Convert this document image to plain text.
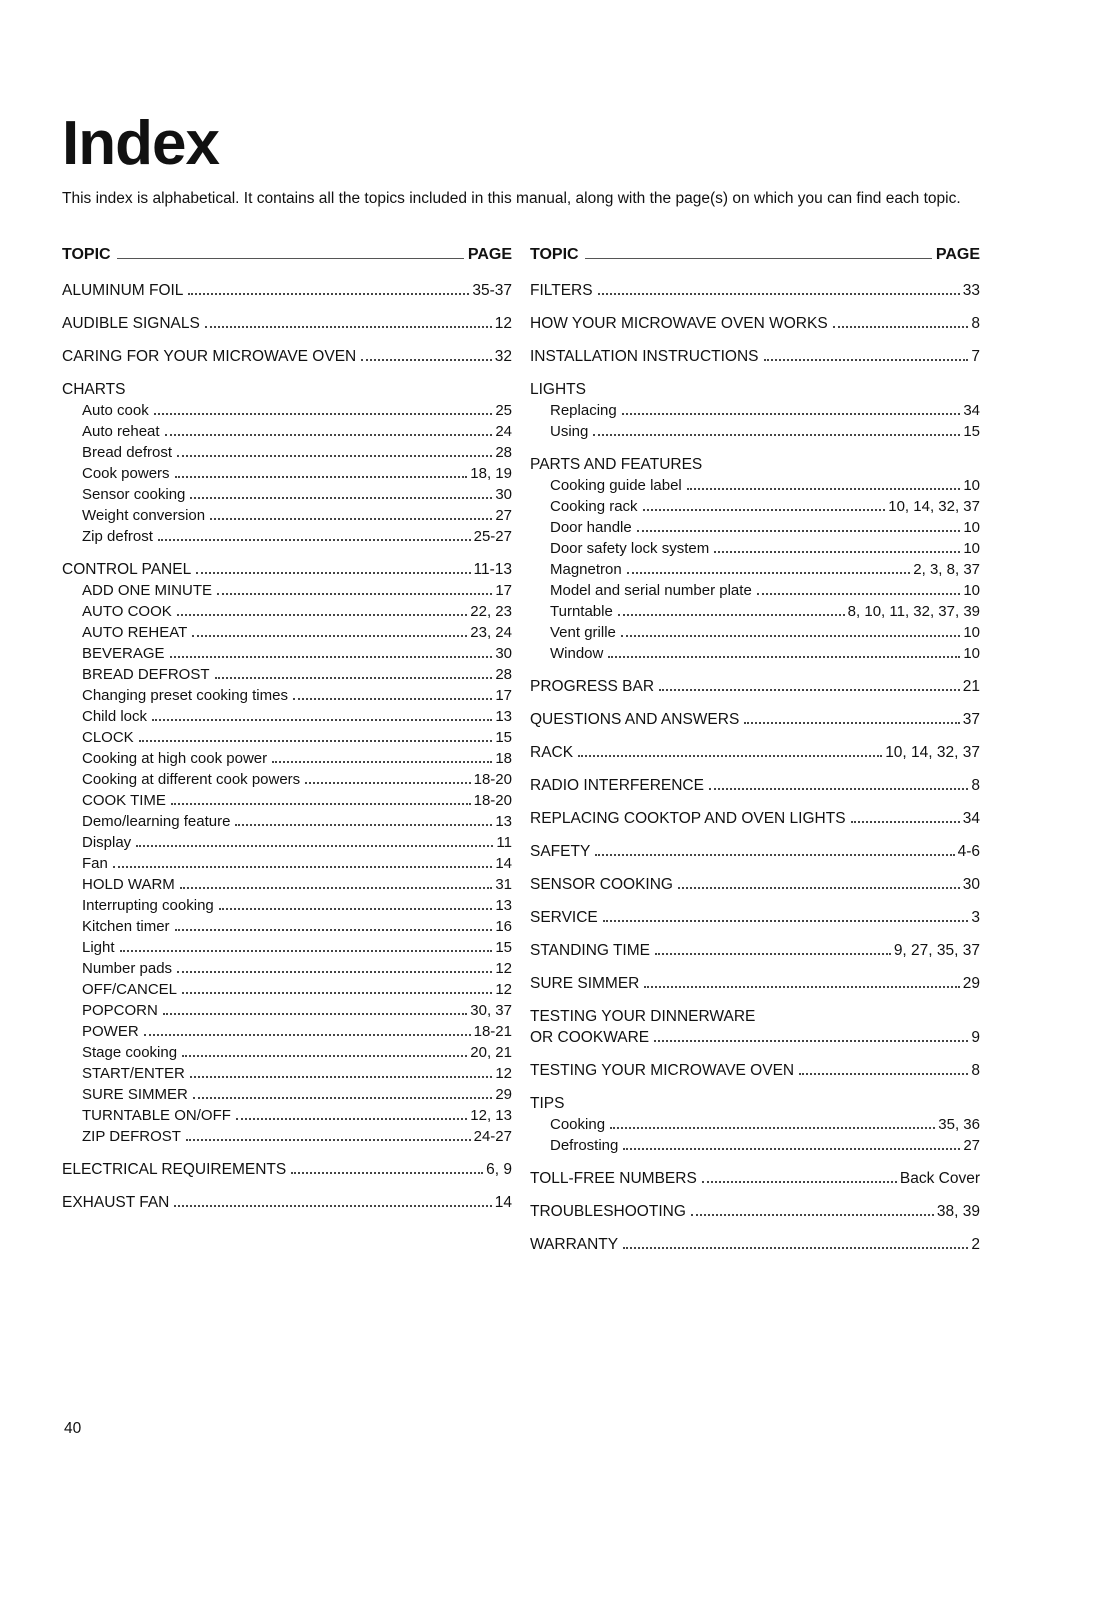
Index
This index is alphabetical. It contains all the topics included in this manual, along with the page(s) on which you can find each topic.
TOPIC	PAGE
ALUMINUM FOIL	35-37
AUDIBLE SIGNALS	12
CARING FOR YOUR MICROWAVE OVEN	32
CHARTS
Auto cook	25
Auto reheat	24
Bread defrost	28
Cook powers	18, 19
Sensor cooking	30
Weight conversion	27
Zip defrost	25-27
CONTROL PANEL	11-13
ADD ONE MINUTE	17
AUTO COOK	22, 23
AUTO REHEAT	23, 24
BEVERAGE	30
BREAD DEFROST	28
Changing preset cooking times	17
Child lock	13
CLOCK	15
Cooking at high cook power	18
Cooking at different cook powers	18-20
COOK TIME	18-20
Demo/learning feature	13
Display	11
Fan	14
HOLD WARM	31
Interrupting cooking	13
Kitchen timer	16
Light	15
Number pads	12
OFF/CANCEL	12
POPCORN	30, 37
POWER	18-21
Stage cooking	20, 21
START/ENTER	12
SURE SIMMER	29
TURNTABLE ON/OFF	12, 13
ZIP DEFROST	24-27
ELECTRICAL REQUIREMENTS	6, 9
EXHAUST FAN	14
TOPIC	PAGE
FILTERS	33
HOW YOUR MICROWAVE OVEN WORKS	8
INSTALLATION INSTRUCTIONS	7
LIGHTS
Replacing	34
Using	15
PARTS AND FEATURES
Cooking guide label	10
Cooking rack	10, 14, 32, 37
Door handle	10
Door safety lock system	10
Magnetron	2, 3, 8, 37
Model and serial number plate	10
Turntable	8, 10, 11, 32, 37, 39
Vent grille	10
Window	10
PROGRESS BAR	21
QUESTIONS AND ANSWERS	37
RACK	10, 14, 32, 37
RADIO INTERFERENCE	8
REPLACING COOKTOP AND OVEN LIGHTS	34
SAFETY	4-6
SENSOR COOKING	30
SERVICE	3
STANDING TIME	9, 27, 35, 37
SURE SIMMER	29
TESTING YOUR DINNERWARE
OR COOKWARE	9
TESTING YOUR MICROWAVE OVEN	8
TIPS
Cooking	35, 36
Defrosting	27
TOLL-FREE NUMBERS	Back Cover
TROUBLESHOOTING	38, 39
WARRANTY	2
40
